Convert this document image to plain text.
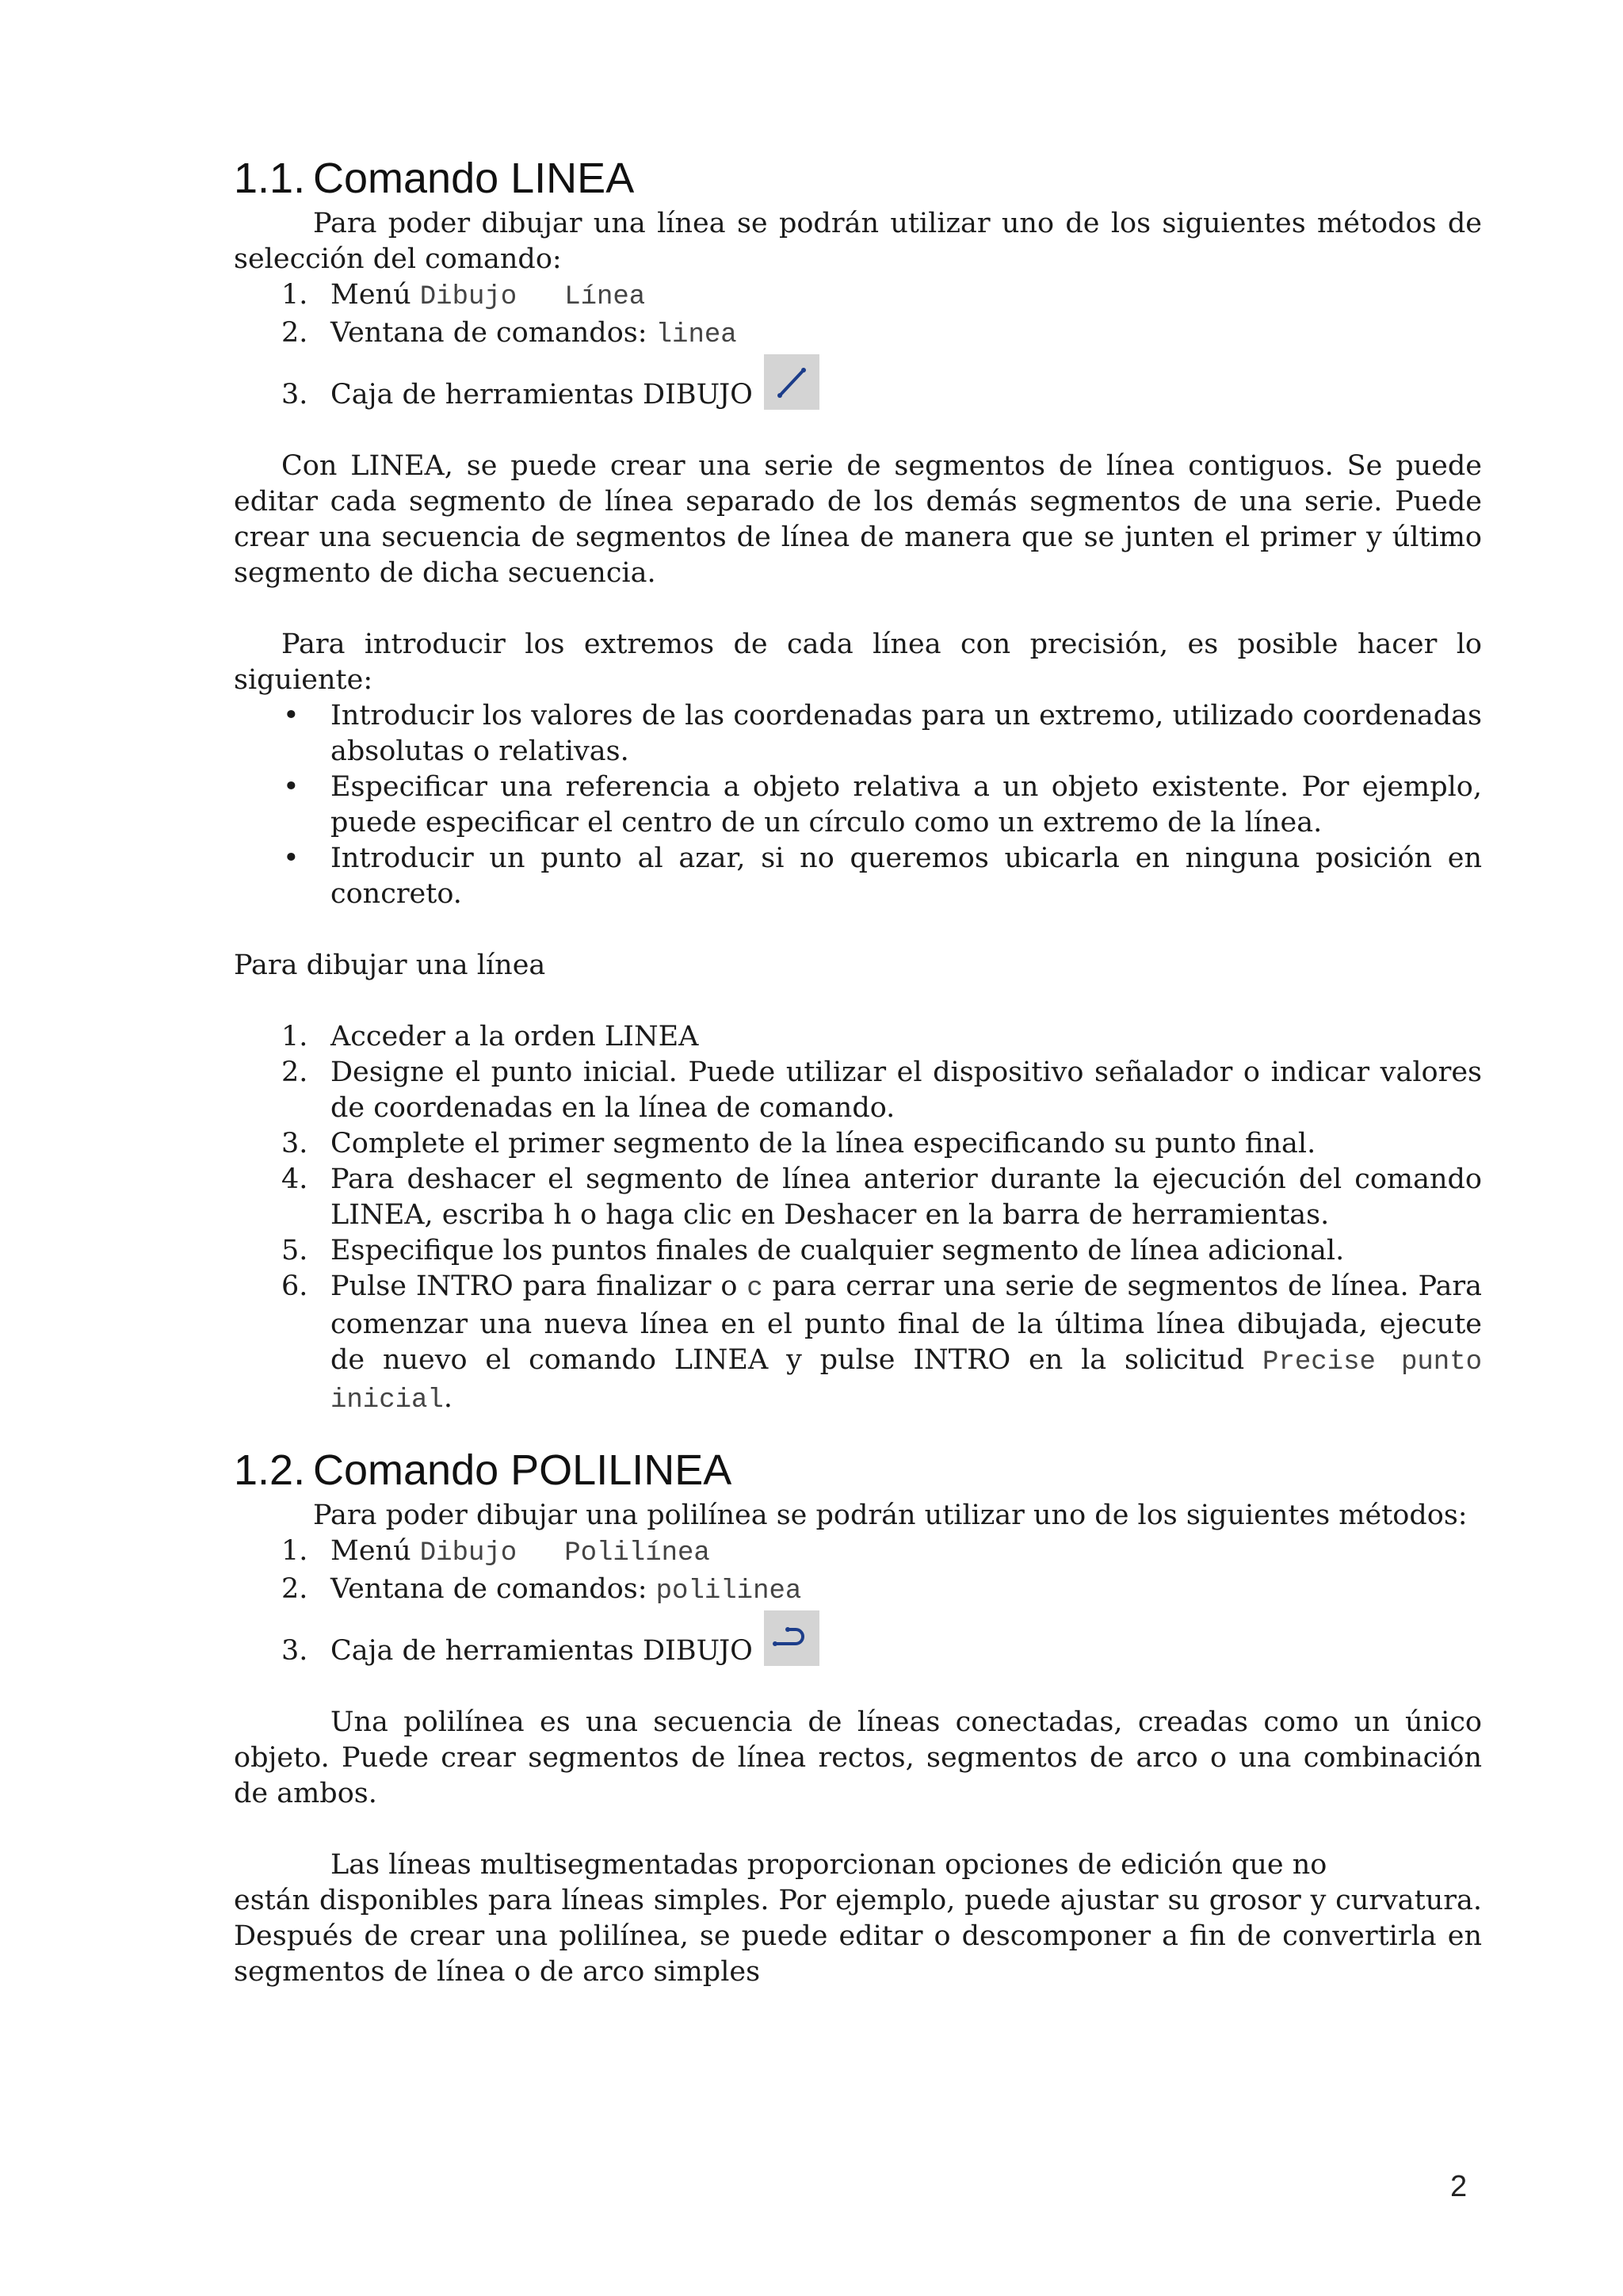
1.1. Comando LINEA

Para poder dibujar una línea se podrán utilizar uno de los siguientes métodos de selección del comando:

1. Menú Dibujo Línea
2. Ventana de comandos: linea
3. Caja de herramientas DIBUJO

Con LINEA, se puede crear una serie de segmentos de línea contiguos. Se puede editar cada segmento de línea separado de los demás segmentos de una serie. Puede crear una secuencia de segmentos de línea de manera que se junten el primer y último segmento de dicha secuencia.

Para introducir los extremos de cada línea con precisión, es posible hacer lo siguiente:

• Introducir los valores de las coordenadas para un extremo, utilizado coordenadas absolutas o relativas.
• Especificar una referencia a objeto relativa a un objeto existente. Por ejemplo, puede especificar el centro de un círculo como un extremo de la línea.
• Introducir un punto al azar, si no queremos ubicarla en ninguna posición en concreto.

Para dibujar una línea

1. Acceder a la orden LINEA
2. Designe el punto inicial. Puede utilizar el dispositivo señalador o indicar valores de coordenadas en la línea de comando.
3. Complete el primer segmento de la línea especificando su punto final.
4. Para deshacer el segmento de línea anterior durante la ejecución del comando LINEA, escriba h o haga clic en Deshacer en la barra de herramientas.
5. Especifique los puntos finales de cualquier segmento de línea adicional.
6. Pulse INTRO para finalizar o c para cerrar una serie de segmentos de línea. Para comenzar una nueva línea en el punto final de la última línea dibujada, ejecute de nuevo el comando LINEA y pulse INTRO en la solicitud Precise punto inicial.
1.2. Comando POLILINEA

Para poder dibujar una polilínea se podrán utilizar uno de los siguientes métodos:

1. Menú Dibujo Polilínea
2. Ventana de comandos: polilinea
3. Caja de herramientas DIBUJO

Una polilínea es una secuencia de líneas conectadas, creadas como un único objeto. Puede crear segmentos de línea rectos, segmentos de arco o una combinación de ambos.

Las líneas multisegmentadas proporcionan opciones de edición que no

están disponibles para líneas simples. Por ejemplo, puede ajustar su grosor y curvatura. Después de crear una polilínea, se puede editar o descomponer a fin de convertirla en segmentos de línea o de arco simples

2
